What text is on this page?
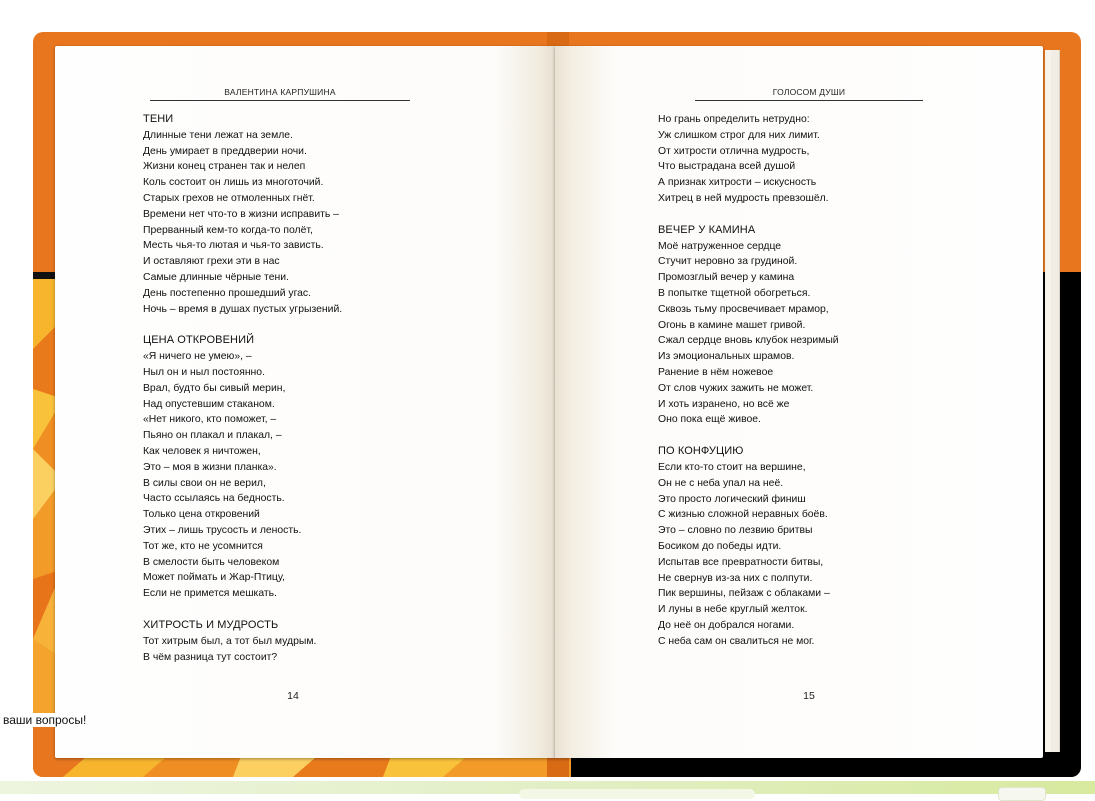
ВАЛЕНТИНА КАРПУШИНА
ТЕНИ
Длинные тени лежат на земле.
День умирает в преддверии ночи.
Жизни конец странен так и нелеп
Коль состоит он лишь из многоточий.
Старых грехов не отмоленных гнёт.
Времени нет что-то в жизни исправить –
Прерванный кем-то когда-то полёт,
Месть чья-то лютая и чья-то зависть.
И оставляют грехи эти в нас
Самые длинные чёрные тени.
День постепенно прошедший угас.
Ночь – время в душах пустых угрызений.
ЦЕНА ОТКРОВЕНИЙ
«Я ничего не умею», –
Ныл он и ныл постоянно.
Врал, будто бы сивый мерин,
Над опустевшим стаканом.
«Нет никого, кто поможет, –
Пьяно он плакал и плакал, –
Как человек я ничтожен,
Это – моя в жизни планка».
В силы свои он не верил,
Часто ссылаясь на бедность.
Только цена откровений
Этих – лишь трусость и леность.
Тот же, кто не усомнится
В смелости быть человеком
Может поймать и Жар-Птицу,
Если не примется мешкать.
ХИТРОСТЬ И МУДРОСТЬ
Тот хитрым был, а тот был мудрым.
В чём разница тут состоит?
14
ГОЛОСОМ ДУШИ
Но грань определить нетрудно:
Уж слишком строг для них лимит.
От хитрости отлична мудрость,
Что выстрадана всей душой
А признак хитрости – искусность
Хитрец в ней мудрость превзошёл.
ВЕЧЕР У КАМИНА
Моё натруженное сердце
Стучит неровно за грудиной.
Промозглый вечер у камина
В попытке тщетной обогреться.
Сквозь тьму просвечивает мрамор,
Огонь в камине машет гривой.
Сжал сердце вновь клубок незримый
Из эмоциональных шрамов.
Ранение в нём ножевое
От слов чужих зажить не может.
И хоть израненo, но всё же
Оно пока ещё живое.
ПО КОНФУЦИЮ
Если кто-то стоит на вершине,
Он не с неба упал на неё.
Это просто логический финиш
С жизнью сложной неравных боёв.
Это – словно по лезвию бритвы
Босиком до победы идти.
Испытав все превратности битвы,
Не свернув из-за них с полпути.
Пик вершины, пейзаж с облаками –
И луны в небе круглый желток.
До неё он добрался ногами.
С неба сам он свалиться не мог.
15
ваши вопросы!
